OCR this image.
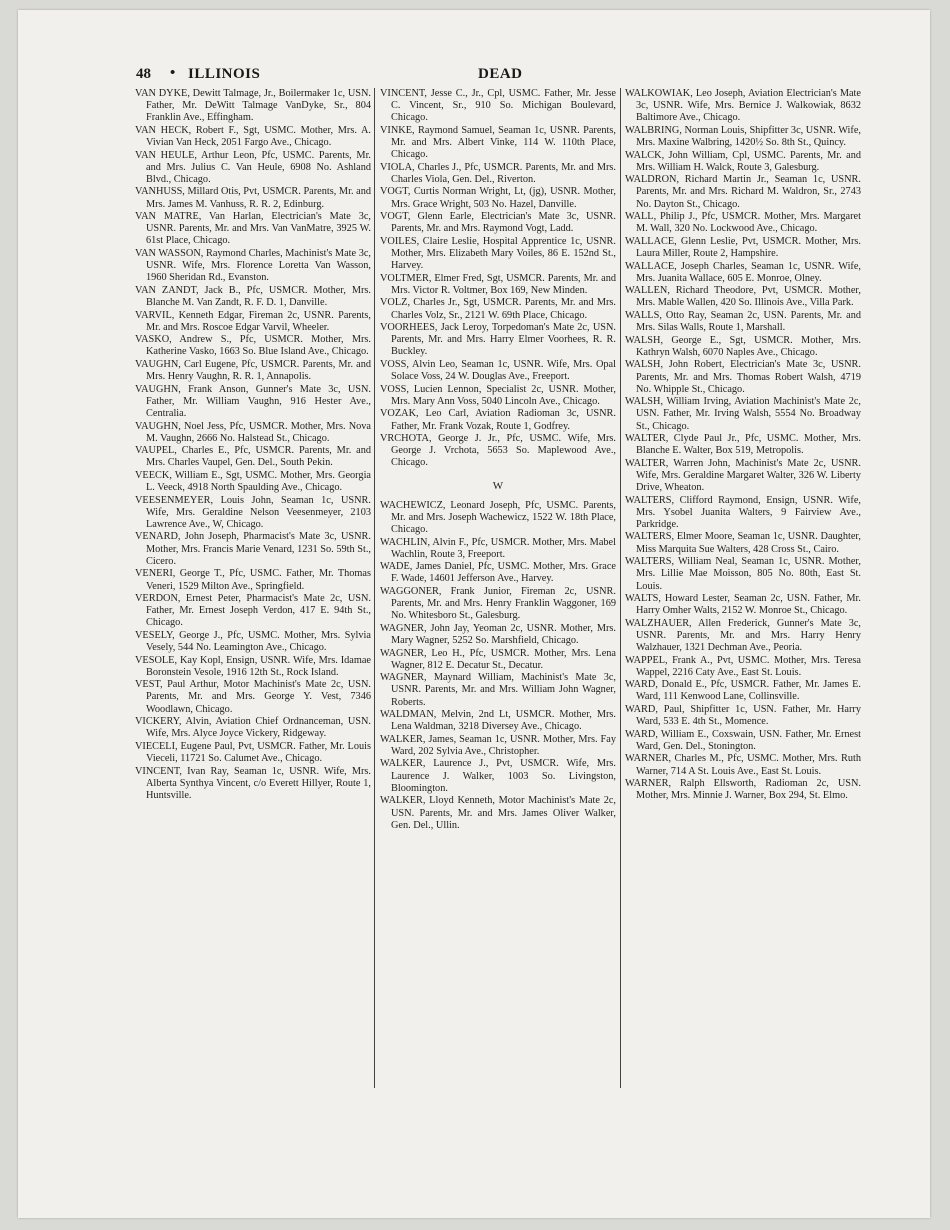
48 • ILLINOIS	DEAD

VAN DYKE, Dewitt Talmage, Jr., Boilermaker 1c, USN. Father, Mr. DeWitt Talmage VanDyke, Sr., 804 Franklin Ave., Effingham.

VAN HECK, Robert F., Sgt, USMC. Mother, Mrs. A. Vivian Van Heck, 2051 Fargo Ave., Chicago.

VAN HEULE, Arthur Leon, Pfc, USMC. Parents, Mr. and Mrs. Julius C. Van Heule, 6908 No. Ashland Blvd., Chicago.

VANHUSS, Millard Otis, Pvt, USMCR. Parents, Mr. and Mrs. James M. Vanhuss, R. R. 2, Edinburg.

VAN MATRE, Van Harlan, Electrician's Mate 3c, USNR. Parents, Mr. and Mrs. Van VanMatre, 3925 W. 61st Place, Chicago.

VAN WASSON, Raymond Charles, Machinist's Mate 3c, USNR. Wife, Mrs. Florence Loretta Van Wasson, 1960 Sheridan Rd., Evanston.

VAN ZANDT, Jack B., Pfc, USMCR. Mother, Mrs. Blanche M. Van Zandt, R. F. D. 1, Danville.

VARVIL, Kenneth Edgar, Fireman 2c, USNR. Parents, Mr. and Mrs. Roscoe Edgar Varvil, Wheeler.

VASKO, Andrew S., Pfc, USMCR. Mother, Mrs. Katherine Vasko, 1663 So. Blue Island Ave., Chicago.

VAUGHN, Carl Eugene, Pfc, USMCR. Parents, Mr. and Mrs. Henry Vaughn, R. R. 1, Annapolis.

VAUGHN, Frank Anson, Gunner's Mate 3c, USN. Father, Mr. William Vaughn, 916 Hester Ave., Centralia.

VAUGHN, Noel Jess, Pfc, USMCR. Mother, Mrs. Nova M. Vaughn, 2666 No. Halstead St., Chicago.

VAUPEL, Charles E., Pfc, USMCR. Parents, Mr. and Mrs. Charles Vaupel, Gen. Del., South Pekin.

VEECK, William E., Sgt, USMC. Mother, Mrs. Georgia L. Veeck, 4918 North Spaulding Ave., Chicago.

VEESENMEYER, Louis John, Seaman 1c, USNR. Wife, Mrs. Geraldine Nelson Veesenmeyer, 2103 Lawrence Ave., W, Chicago.

VENARD, John Joseph, Pharmacist's Mate 3c, USNR. Mother, Mrs. Francis Marie Venard, 1231 So. 59th St., Cicero.

VENERI, George T., Pfc, USMC. Father, Mr. Thomas Veneri, 1529 Milton Ave., Springfield.

VERDON, Ernest Peter, Pharmacist's Mate 2c, USN. Father, Mr. Ernest Joseph Verdon, 417 E. 94th St., Chicago.

VESELY, George J., Pfc, USMC. Mother, Mrs. Sylvia Vesely, 544 No. Leamington Ave., Chicago.

VESOLE, Kay Kopl, Ensign, USNR. Wife, Mrs. Idamae Boronstein Vesole, 1916 12th St., Rock Island.

VEST, Paul Arthur, Motor Machinist's Mate 2c, USN. Parents, Mr. and Mrs. George Y. Vest, 7346 Woodlawn, Chicago.

VICKERY, Alvin, Aviation Chief Ordnanceman, USN. Wife, Mrs. Alyce Joyce Vickery, Ridgeway.

VIECELI, Eugene Paul, Pvt, USMCR. Father, Mr. Louis Vieceli, 11721 So. Calumet Ave., Chicago.

VINCENT, Ivan Ray, Seaman 1c, USNR. Wife, Mrs. Alberta Synthya Vincent, c/o Everett Hillyer, Route 1, Huntsville.

VINCENT, Jesse C., Jr., Cpl, USMC. Father, Mr. Jesse C. Vincent, Sr., 910 So. Michigan Boulevard, Chicago.

VINKE, Raymond Samuel, Seaman 1c, USNR. Parents, Mr. and Mrs. Albert Vinke, 114 W. 110th Place, Chicago.

VIOLA, Charles J., Pfc, USMCR. Parents, Mr. and Mrs. Charles Viola, Gen. Del., Riverton.

VOGT, Curtis Norman Wright, Lt, (jg), USNR. Mother, Mrs. Grace Wright, 503 No. Hazel, Danville.

VOGT, Glenn Earle, Electrician's Mate 3c, USNR. Parents, Mr. and Mrs. Raymond Vogt, Ladd.

VOILES, Claire Leslie, Hospital Apprentice 1c, USNR. Mother, Mrs. Elizabeth Mary Voiles, 86 E. 152nd St., Harvey.

VOLTMER, Elmer Fred, Sgt, USMCR. Parents, Mr. and Mrs. Victor R. Voltmer, Box 169, New Minden.

VOLZ, Charles Jr., Sgt, USMCR. Parents, Mr. and Mrs. Charles Volz, Sr., 2121 W. 69th Place, Chicago.

VOORHEES, Jack Leroy, Torpedoman's Mate 2c, USN. Parents, Mr. and Mrs. Harry Elmer Voorhees, R. R. Buckley.

VOSS, Alvin Leo, Seaman 1c, USNR. Wife, Mrs. Opal Solace Voss, 24 W. Douglas Ave., Freeport.

VOSS, Lucien Lennon, Specialist 2c, USNR. Mother, Mrs. Mary Ann Voss, 5040 Lincoln Ave., Chicago.

VOZAK, Leo Carl, Aviation Radioman 3c, USNR. Father, Mr. Frank Vozak, Route 1, Godfrey.

VRCHOTA, George J. Jr., Pfc, USMC. Wife, Mrs. George J. Vrchota, 5653 So. Maplewood Ave., Chicago.

W

WACHEWICZ, Leonard Joseph, Pfc, USMC. Parents, Mr. and Mrs. Joseph Wachewicz, 1522 W. 18th Place, Chicago.

WACHLIN, Alvin F., Pfc, USMCR. Mother, Mrs. Mabel Wachlin, Route 3, Freeport.

WADE, James Daniel, Pfc, USMC. Mother, Mrs. Grace F. Wade, 14601 Jefferson Ave., Harvey.

WAGGONER, Frank Junior, Fireman 2c, USNR. Parents, Mr. and Mrs. Henry Franklin Waggoner, 169 No. Whitesboro St., Galesburg.

WAGNER, John Jay, Yeoman 2c, USNR. Mother, Mrs. Mary Wagner, 5252 So. Marshfield, Chicago.

WAGNER, Leo H., Pfc, USMCR. Mother, Mrs. Lena Wagner, 812 E. Decatur St., Decatur.

WAGNER, Maynard William, Machinist's Mate 3c, USNR. Parents, Mr. and Mrs. William John Wagner, Roberts.

WALDMAN, Melvin, 2nd Lt, USMCR. Mother, Mrs. Lena Waldman, 3218 Diversey Ave., Chicago.

WALKER, James, Seaman 1c, USNR. Mother, Mrs. Fay Ward, 202 Sylvia Ave., Christopher.

WALKER, Laurence J., Pvt, USMCR. Wife, Mrs. Laurence J. Walker, 1003 So. Livingston, Bloomington.

WALKER, Lloyd Kenneth, Motor Machinist's Mate 2c, USN. Parents, Mr. and Mrs. James Oliver Walker, Gen. Del., Ullin.

WALKOWIAK, Leo Joseph, Aviation Electrician's Mate 3c, USNR. Wife, Mrs. Bernice J. Walkowiak, 8632 Baltimore Ave., Chicago.

WALBRING, Norman Louis, Shipfitter 3c, USNR. Wife, Mrs. Maxine Walbring, 1420½ So. 8th St., Quincy.

WALCK, John William, Cpl, USMC. Parents, Mr. and Mrs. William H. Walck, Route 3, Galesburg.

WALDRON, Richard Martin Jr., Seaman 1c, USNR. Parents, Mr. and Mrs. Richard M. Waldron, Sr., 2743 No. Dayton St., Chicago.

WALL, Philip J., Pfc, USMCR. Mother, Mrs. Margaret M. Wall, 320 No. Lockwood Ave., Chicago.

WALLACE, Glenn Leslie, Pvt, USMCR. Mother, Mrs. Laura Miller, Route 2, Hampshire.

WALLACE, Joseph Charles, Seaman 1c, USNR. Wife, Mrs. Juanita Wallace, 605 E. Monroe, Olney.

WALLEN, Richard Theodore, Pvt, USMCR. Mother, Mrs. Mable Wallen, 420 So. Illinois Ave., Villa Park.

WALLS, Otto Ray, Seaman 2c, USN. Parents, Mr. and Mrs. Silas Walls, Route 1, Marshall.

WALSH, George E., Sgt, USMCR. Mother, Mrs. Kathryn Walsh, 6070 Naples Ave., Chicago.

WALSH, John Robert, Electrician's Mate 3c, USNR. Parents, Mr. and Mrs. Thomas Robert Walsh, 4719 No. Whipple St., Chicago.

WALSH, William Irving, Aviation Machinist's Mate 2c, USN. Father, Mr. Irving Walsh, 5554 No. Broadway St., Chicago.

WALTER, Clyde Paul Jr., Pfc, USMC. Mother, Mrs. Blanche E. Walter, Box 519, Metropolis.

WALTER, Warren John, Machinist's Mate 2c, USNR. Wife, Mrs. Geraldine Margaret Walter, 326 W. Liberty Drive, Wheaton.

WALTERS, Clifford Raymond, Ensign, USNR. Wife, Mrs. Ysobel Juanita Walters, 9 Fairview Ave., Parkridge.

WALTERS, Elmer Moore, Seaman 1c, USNR. Daughter, Miss Marquita Sue Walters, 428 Cross St., Cairo.

WALTERS, William Neal, Seaman 1c, USNR. Mother, Mrs. Lillie Mae Moisson, 805 No. 80th, East St. Louis.

WALTS, Howard Lester, Seaman 2c, USN. Father, Mr. Harry Omher Walts, 2152 W. Monroe St., Chicago.

WALZHAUER, Allen Frederick, Gunner's Mate 3c, USNR. Parents, Mr. and Mrs. Harry Henry Walzhauer, 1321 Dechman Ave., Peoria.

WAPPEL, Frank A., Pvt, USMC. Mother, Mrs. Teresa Wappel, 2216 Caty Ave., East St. Louis.

WARD, Donald E., Pfc, USMCR. Father, Mr. James E. Ward, 111 Kenwood Lane, Collinsville.

WARD, Paul, Shipfitter 1c, USN. Father, Mr. Harry Ward, 533 E. 4th St., Momence.

WARD, William E., Coxswain, USN. Father, Mr. Ernest Ward, Gen. Del., Stonington.

WARNER, Charles M., Pfc, USMC. Mother, Mrs. Ruth Warner, 714 A St. Louis Ave., East St. Louis.

WARNER, Ralph Ellsworth, Radioman 2c, USN. Mother, Mrs. Minnie J. Warner, Box 294, St. Elmo.
